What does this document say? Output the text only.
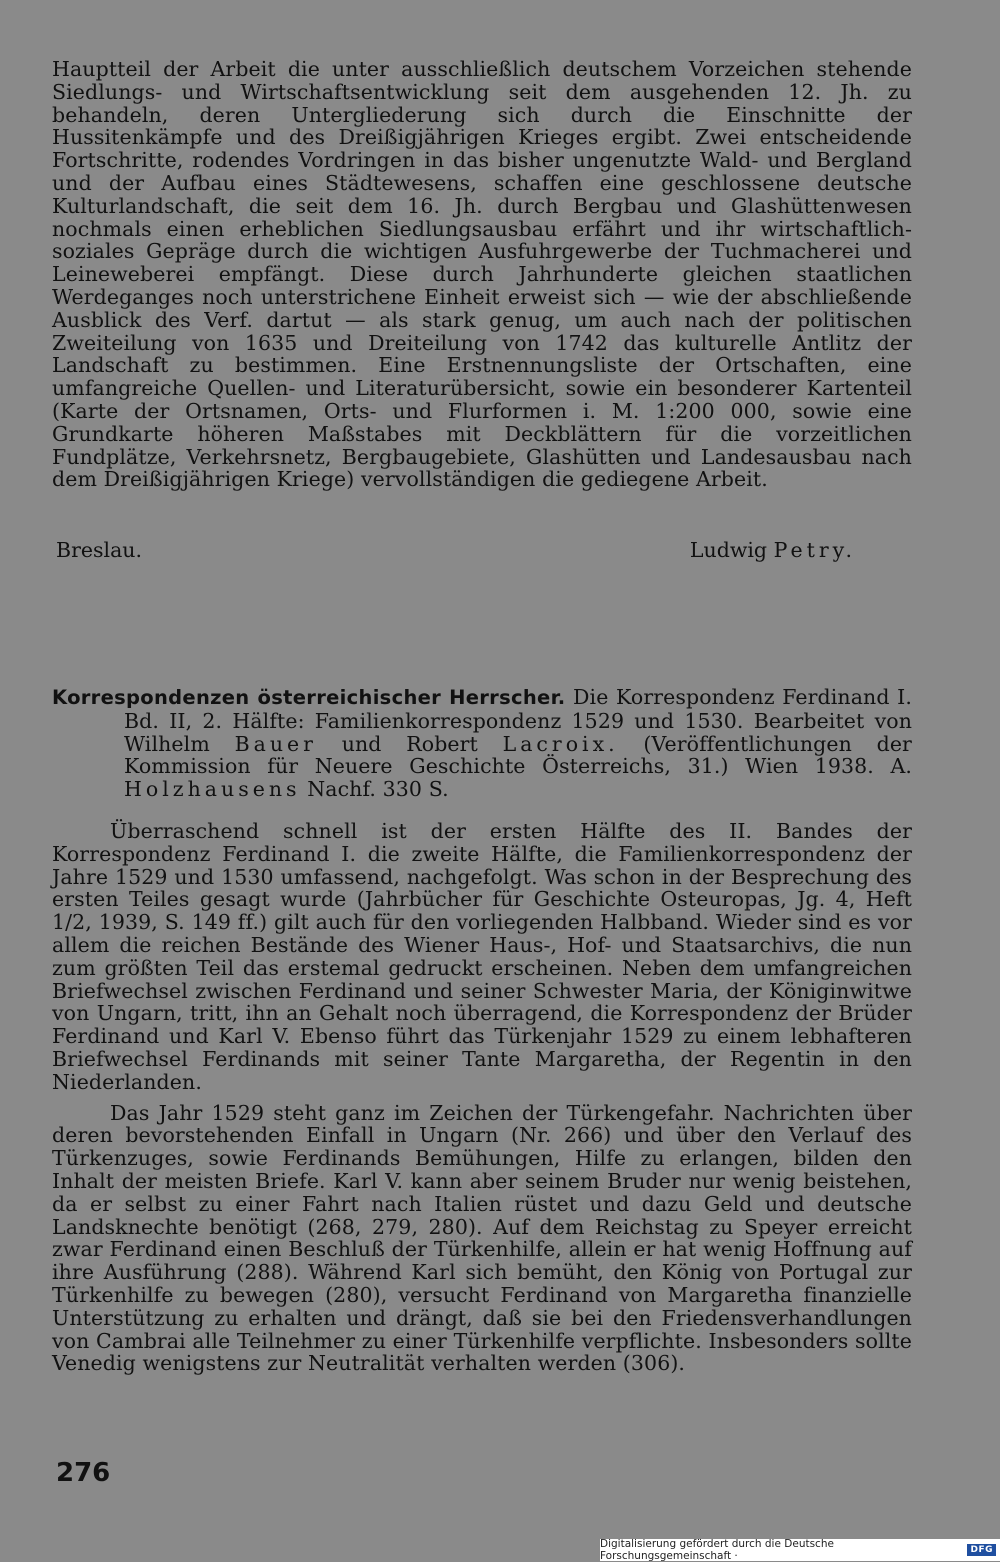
Hauptteil der Arbeit die unter ausschließlich deutschem Vorzeichen stehende Siedlungs- und Wirtschaftsentwicklung seit dem ausgehenden 12. Jh. zu behandeln, deren Untergliederung sich durch die Einschnitte der Hussitenkämpfe und des Dreißigjährigen Krieges ergibt. Zwei entscheidende Fortschritte, rodendes Vordringen in das bisher ungenutzte Wald- und Bergland und der Aufbau eines Städtewesens, schaffen eine geschlossene deutsche Kulturlandschaft, die seit dem 16. Jh. durch Bergbau und Glashüttenwesen nochmals einen erheblichen Siedlungsausbau erfährt und ihr wirtschaftlich-soziales Gepräge durch die wichtigen Ausfuhrgewerbe der Tuchmacherei und Leineweberei empfängt. Diese durch Jahrhunderte gleichen staatlichen Werdeganges noch unterstrichene Einheit erweist sich — wie der abschließende Ausblick des Verf. dartut — als stark genug, um auch nach der politischen Zweiteilung von 1635 und Dreiteilung von 1742 das kulturelle Antlitz der Landschaft zu bestimmen. Eine Erstnennungsliste der Ortschaften, eine umfangreiche Quellen- und Literaturübersicht, sowie ein besonderer Kartenteil (Karte der Ortsnamen, Orts- und Flurformen i. M. 1:200 000, sowie eine Grundkarte höheren Maßstabes mit Deckblättern für die vorzeitlichen Fundplätze, Verkehrsnetz, Bergbaugebiete, Glashütten und Landesausbau nach dem Dreißigjährigen Kriege) vervollständigen die gediegene Arbeit.

Breslau.	Ludwig Petry.

Korrespondenzen österreichischer Herrscher. Die Korrespondenz Ferdinand I. Bd. II, 2. Hälfte: Familienkorrespondenz 1529 und 1530. Bearbeitet von Wilhelm Bauer und Robert Lacroix. (Veröffentlichungen der Kommission für Neuere Geschichte Österreichs, 31.) Wien 1938. A. Holzhausens Nachf. 330 S.

Überraschend schnell ist der ersten Hälfte des II. Bandes der Korrespondenz Ferdinand I. die zweite Hälfte, die Familienkorrespondenz der Jahre 1529 und 1530 umfassend, nachgefolgt. Was schon in der Besprechung des ersten Teiles gesagt wurde (Jahrbücher für Geschichte Osteuropas, Jg. 4, Heft 1/2, 1939, S. 149 ff.) gilt auch für den vorliegenden Halbband. Wieder sind es vor allem die reichen Bestände des Wiener Haus-, Hof- und Staatsarchivs, die nun zum größten Teil das erstemal gedruckt erscheinen. Neben dem umfangreichen Briefwechsel zwischen Ferdinand und seiner Schwester Maria, der Königinwitwe von Ungarn, tritt, ihn an Gehalt noch überragend, die Korrespondenz der Brüder Ferdinand und Karl V. Ebenso führt das Türkenjahr 1529 zu einem lebhafteren Briefwechsel Ferdinands mit seiner Tante Margaretha, der Regentin in den Niederlanden.

Das Jahr 1529 steht ganz im Zeichen der Türkengefahr. Nachrichten über deren bevorstehenden Einfall in Ungarn (Nr. 266) und über den Verlauf des Türkenzuges, sowie Ferdinands Bemühungen, Hilfe zu erlangen, bilden den Inhalt der meisten Briefe. Karl V. kann aber seinem Bruder nur wenig beistehen, da er selbst zu einer Fahrt nach Italien rüstet und dazu Geld und deutsche Landsknechte benötigt (268, 279, 280). Auf dem Reichstag zu Speyer erreicht zwar Ferdinand einen Beschluß der Türkenhilfe, allein er hat wenig Hoffnung auf ihre Ausführung (288). Während Karl sich bemüht, den König von Portugal zur Türkenhilfe zu bewegen (280), versucht Ferdinand von Margaretha finanzielle Unterstützung zu erhalten und drängt, daß sie bei den Friedensverhandlungen von Cambrai alle Teilnehmer zu einer Türkenhilfe verpflichte. Insbesonders sollte Venedig wenigstens zur Neutralität verhalten werden (306).

276
Digitalisierung gefördert durch die Deutsche Forschungsgemeinschaft ·	DFG
